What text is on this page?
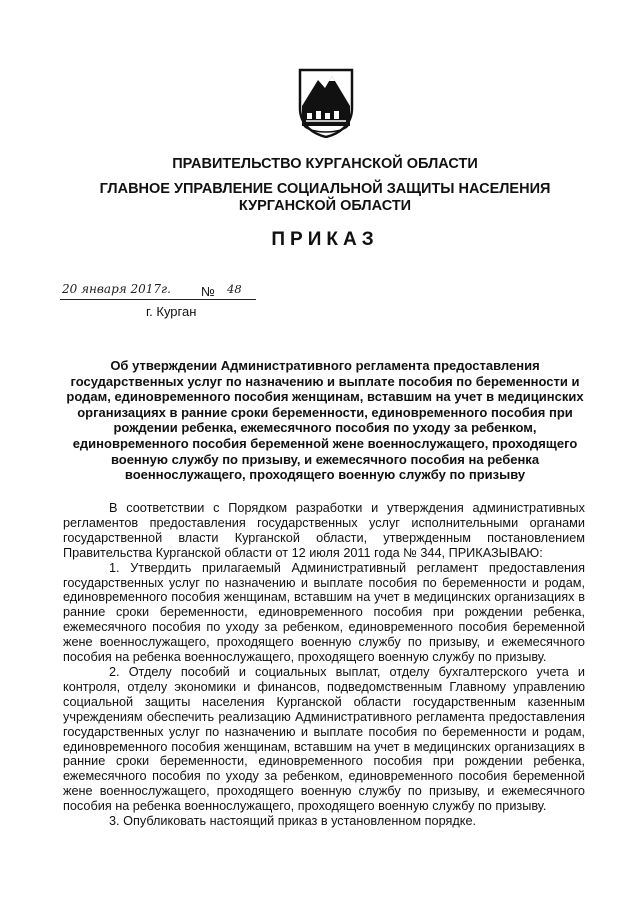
ПРАВИТЕЛЬСТВО КУРГАНСКОЙ ОБЛАСТИ
ГЛАВНОЕ УПРАВЛЕНИЕ СОЦИАЛЬНОЙ ЗАЩИТЫ НАСЕЛЕНИЯ
КУРГАНСКОЙ ОБЛАСТИ
ПРИКАЗ
20 января 2017г. № 48
г. Курган
Об утверждении Административного регламента предоставления государственных услуг по назначению и выплате пособия по беременности и родам, единовременного пособия женщинам, вставшим на учет в медицинских организациях в ранние сроки беременности, единовременного пособия при рождении ребенка, ежемесячного пособия по уходу за ребенком, единовременного пособия беременной жене военнослужащего, проходящего военную службу по призыву, и ежемесячного пособия на ребенка военнослужащего, проходящего военную службу по призыву

В соответствии с Порядком разработки и утверждения административных регламентов предоставления государственных услуг исполнительными органами государственной власти Курганской области, утвержденным постановлением Правительства Курганской области от 12 июля 2011 года № 344, ПРИКАЗЫВАЮ:

1. Утвердить прилагаемый Административный регламент предоставления государственных услуг по назначению и выплате пособия по беременности и родам, единовременного пособия женщинам, вставшим на учет в медицинских организациях в ранние сроки беременности, единовременного пособия при рождении ребенка, ежемесячного пособия по уходу за ребенком, единовременного пособия беременной жене военнослужащего, проходящего военную службу по призыву, и ежемесячного пособия на ребенка военнослужащего, проходящего военную службу по призыву.

2. Отделу пособий и социальных выплат, отделу бухгалтерского учета и контроля, отделу экономики и финансов, подведомственным Главному управлению социальной защиты населения Курганской области государственным казенным учреждениям обеспечить реализацию Административного регламента предоставления государственных услуг по назначению и выплате пособия по беременности и родам, единовременного пособия женщинам, вставшим на учет в медицинских организациях в ранние сроки беременности, единовременного пособия при рождении ребенка, ежемесячного пособия по уходу за ребенком, единовременного пособия беременной жене военнослужащего, проходящего военную службу по призыву, и ежемесячного пособия на ребенка военнослужащего, проходящего военную службу по призыву.

3. Опубликовать настоящий приказ в установленном порядке.
